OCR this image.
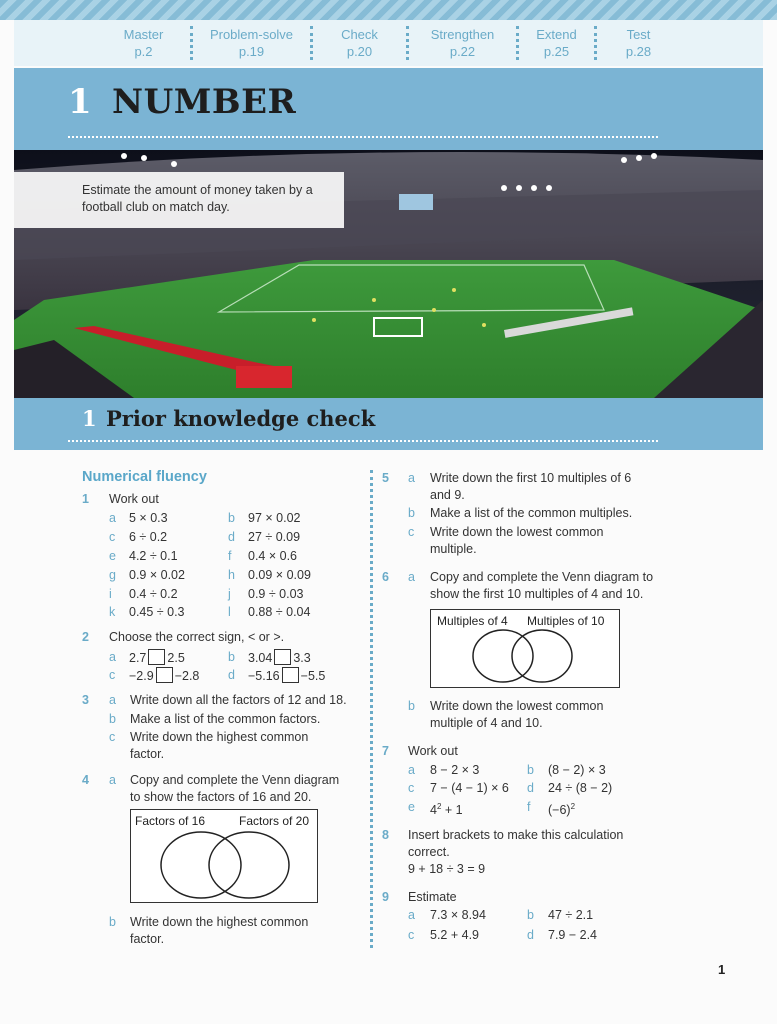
Master
p.2
Problem-solve
p.19
Check
p.20
Strengthen
p.22
Extend
p.25
Test
p.28
1 NUMBER
Estimate the amount of money taken by a football club on match day.
1 Prior knowledge check
Numerical fluency
1 Work out
a 5 × 0.3	b 97 × 0.02
c 6 ÷ 0.2	d 27 ÷ 0.09
e 4.2 ÷ 0.1	f 0.4 × 0.6
g 0.9 × 0.02	h 0.09 × 0.09
i 0.4 ÷ 0.2	j 0.9 ÷ 0.03
k 0.45 ÷ 0.3	l 0.88 ÷ 0.04
2 Choose the correct sign, < or >.
a 2.7 2.5	b 3.04 3.3
c −2.9 −2.8 d −5.16 −5.5
3 a Write down all the factors of 12 and 18.
b Make a list of the common factors.
c Write down the highest common
factor.
4 a Copy and complete the Venn diagram
to show the factors of 16 and 20.
Factors of 16	Factors of 20
b Write down the highest common
factor.
5 a Write down the first 10 multiples of 6
and 9.
b Make a list of the common multiples.
c Write down the lowest common
multiple.
6 a Copy and complete the Venn diagram to
show the first 10 multiples of 4 and 10.
Multiples of 4 Multiples of 10
b Write down the lowest common
multiple of 4 and 10.
7 Work out
a 8 − 2 × 3	b (8 − 2) × 3
c 7 − (4 − 1) × 6 d 24 ÷ (8 − 2)
e $4^2 + 1$	f $(-6)^2$
8 Insert brackets to make this calculation
correct.
9 + 18 ÷ 3 = 9
9 Estimate
a 7.3 × 8.94	b 47 ÷ 2.1
c 5.2 + 4.9	d 7.9 − 2.4
1
